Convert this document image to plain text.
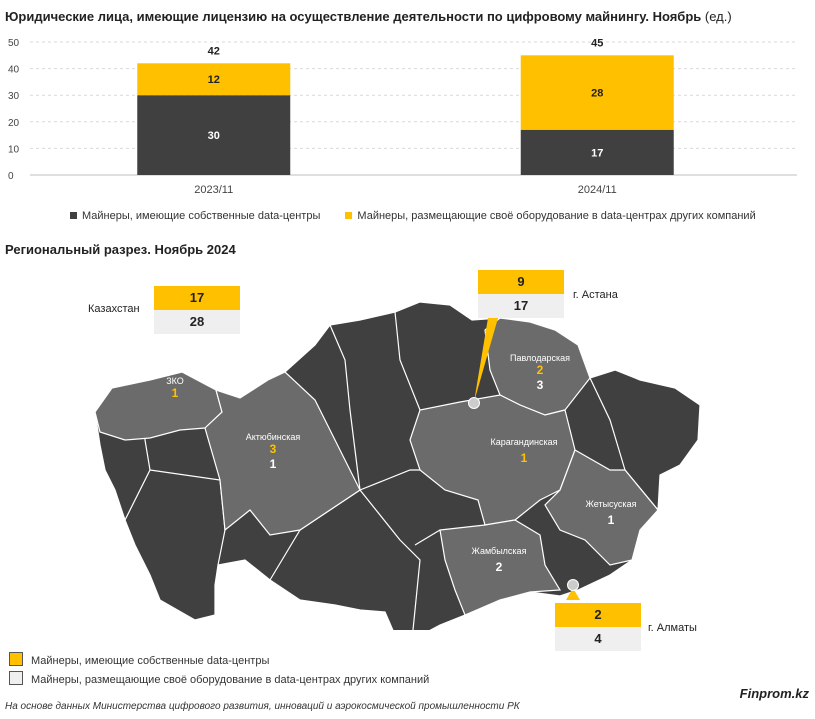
Юридические лица, имеющие лицензию на осуществление деятельности по цифровому майнингу. Ноябрь (ед.)
0
10
20
30
40
50
30
12
42
2023/11
17
28
45
2024/11
Майнеры, имеющие собственные data-центры	Майнеры, размещающие своё оборудование в data-центрах других компаний
Региональный разрез. Ноябрь 2024
17
28
Казахстан
9
17
г. Астана
2
4
г. Алматы
ЗКО
1
Актюбинская
3
1
Павлодарская
2
3
Карагандинская
1
Жетысуская
1
Жамбылская
2
Майнеры, имеющие собственные data-центры
Майнеры, размещающие своё оборудование в data-центрах других компаний
На основе данных Министерства цифрового развития, инноваций и аэрокосмической промышленности РК
Finprom.kz
